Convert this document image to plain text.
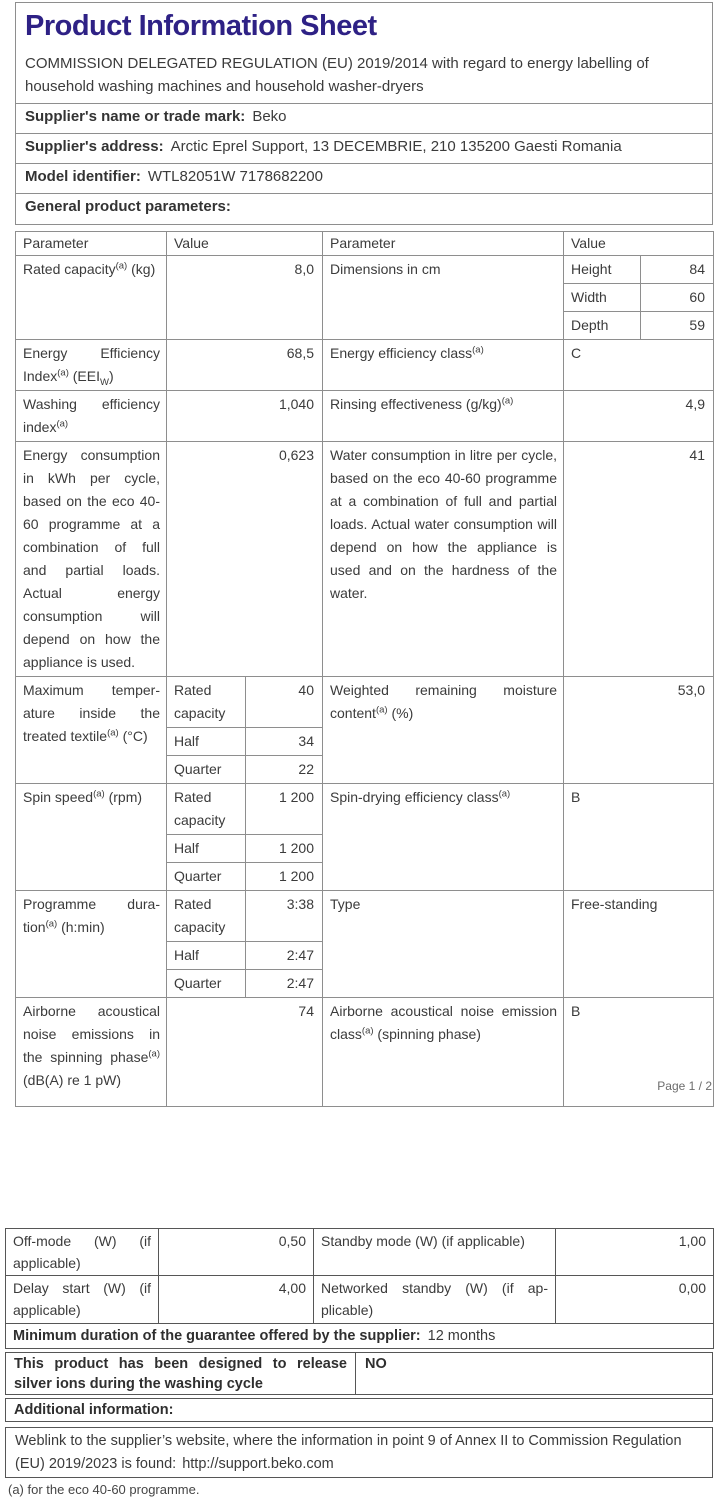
Product Information Sheet
COMMISSION DELEGATED REGULATION (EU) 2019/2014 with regard to energy labelling of household washing machines and household washer-dryers
Supplier's name or trade mark: Beko
Supplier's address: Arctic Eprel Support, 13 DECEMBRIE, 210 135200 Gaesti Romania
Model identifier: WTL82051W 7178682200
General product parameters:
Parameter	Value		Parameter	Value	
Rated capacity$^{(a)}$ (kg)	8,0		Dimensions in cm	Height	84
				Width	60
				Depth	59
Energy Efficiency Index$^{(a)}$ $(EEI_W)$	68,5		Energy efficiency class$^{(a)}$	C	
Washing efficiency index$^{(a)}$	1,040		Rinsing effectiveness $(g/kg)^{(a)}$	4,9	
Energy consumption in kWh per cycle, based on the eco 40-60 programme at a combination of full and partial loads. Actual energy consumption will depend on how the appliance is used.	0,623		Water consumption in litre per cycle, based on the eco 40-60 programme at a combination of full and partial loads. Actual water consumption will depend on how the appliance is used and on the hardness of the water.	41	
Maximum temperature inside the treated textile$^{(a)}$ (°C)	Rated capacity	40	Weighted remaining moisture content$^{(a)}$ (%)	53,0	
	Half	34			
	Quarter	22			
Spin speed$^{(a)}$ (rpm)	Rated capacity	1 200	Spin-drying efficiency class$^{(a)}$	B	
	Half	1 200			
	Quarter	1 200			
Programme duration$^{(a)}$ (h:min)	Rated capacity	3:38	Type	Free-standing	
	Half	2:47			
	Quarter	2:47			
Airborne acoustical noise emissions in the spinning phase$^{(a)}$ (dB(A) re 1 pW)	74		Airborne acoustical noise emission class$^{(a)}$ (spinning phase)	B	
Page 1 / 2
Off-mode (W) (if applicable)	0,50	Standby mode (W) (if applicable)	1,00
Delay start (W) (if applicable)	4,00	Networked standby (W) (if applicable)	0,00
Minimum duration of the guarantee offered by the supplier: 12 months			
This product has been designed to release silver ions during the washing cycle
NO
Additional information:
Weblink to the supplier’s website, where the information in point 9 of Annex II to Commission Regulation (EU) 2019/2023 is found: http://support.beko.com
(a) for the eco 40-60 programme.
